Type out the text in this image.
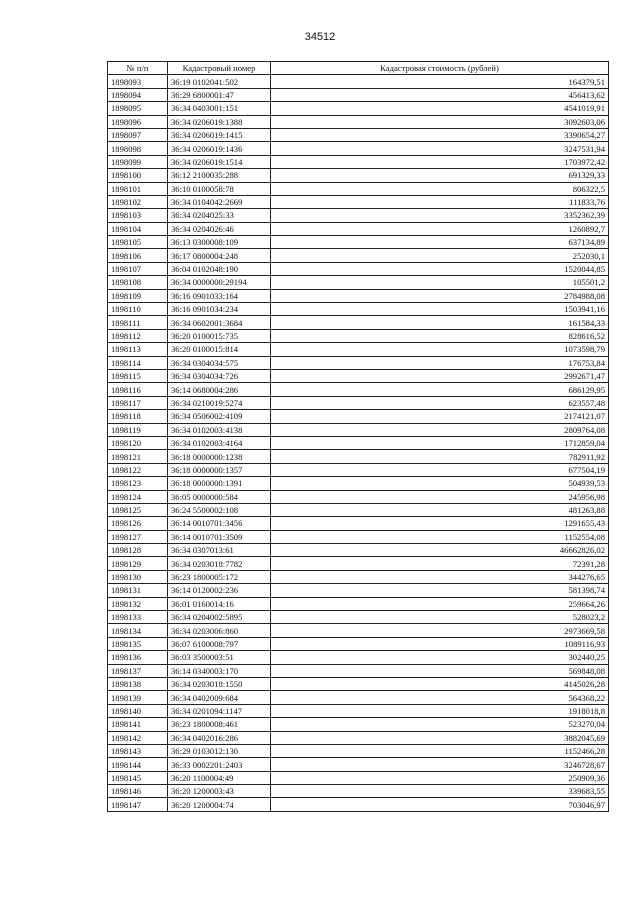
34512
№ п/п	Кадастровый номер	Кадастровая стоимость (рублей)
1898093	36:19 0102041:502	164379,51
1898094	36:29 6800001:47	456413,62
1898095	36:34 0403001:151	4541019,91
1898096	36:34 0206019:1388	3092603,06
1898097	36:34 0206019:1415	3390654,27
1898098	36:34 0206019:1436	3247531,94
1898099	36:34 0206019:1514	1703972,42
1898100	36:12 2100035:288	691329,33
1898101	36:10 0100058:78	806322,5
1898102	36:34 0104042:2669	111833,76
1898103	36:34 0204025:33	3352362,39
1898104	36:34 0204026:46	1260892,7
1898105	36:13 0300008:109	637134,89
1898106	36:17 0800004:248	252030,1
1898107	36:04 0102048:190	1520044,85
1898108	36:34 0000000:29194	105501,2
1898109	36:16 0901033:164	2784988,08
1898110	36:16 0901034:234	1503941,16
1898111	36:34 0602001:3684	161584,33
1898112	36:20 0100015:735	828616,52
1898113	36:20 0100015:814	1073598,79
1898114	36:34 0304034:575	176753,84
1898115	36:34 0304034:726	2992671,47
1898116	36:14 0680004:286	686129,95
1898117	36:34 0210019:5274	623557,48
1898118	36:34 0506002:4109	2174121,07
1898119	36:34 0102003:4138	2809764,08
1898120	36:34 0102003:4164	1712859,04
1898121	36:18 0000000:1238	782911,92
1898122	36:18 0000000:1357	677504,19
1898123	36:18 0000000:1391	504939,53
1898124	36:05 0000000:584	245956,98
1898125	36:24 5500002:108	481263,88
1898126	36:14 0010701:3456	1291655,43
1898127	36:14 0010701:3509	1152554,08
1898128	36:34 0307013:61	46662826,02
1898129	36:34 0203018:7782	72391,28
1898130	36:23 1800005:172	344276,65
1898131	36:14 0120002:236	581398,74
1898132	36:01 0160014:16	259664,26
1898133	36:34 0204002:5895	528023,2
1898134	36:34 0203006:860	2973669,58
1898135	36:07 6100008:797	1089116,93
1898136	36:03 3500003:51	302440,25
1898137	36:14 0340003:170	569848,08
1898138	36:34 0203018:1550	4145026,28
1898139	36:34 0402009:684	564368,22
1898140	36:34 0201094:1147	1918018,8
1898141	36:23 1800008:461	523270,04
1898142	36:34 0402016:286	3882045,69
1898143	36:29 0103012:130	1152466,28
1898144	36:33 0002201:2403	3246728,67
1898145	36:20 1100004:49	250909,36
1898146	36:20 1200003:43	339683,55
1898147	36:20 1200004:74	703046,97
